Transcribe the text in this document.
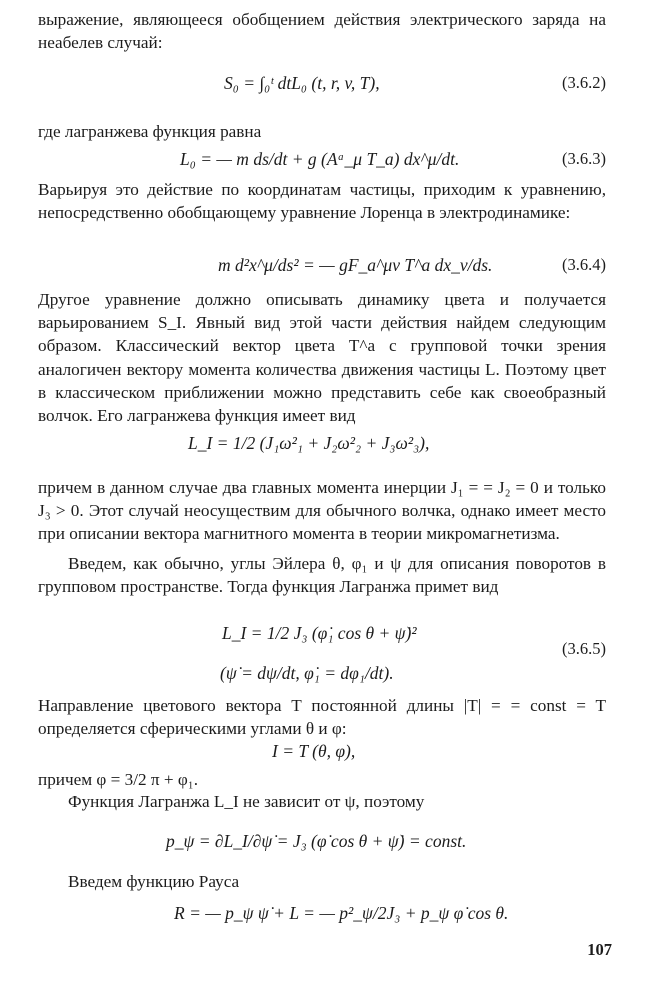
выражение, являющееся обобщением действия электрического заряда на неабелев случай:

S₀ = ∫₀ᵗ dtL₀ (t, r, v, T),	(3.6.2)

где лагранжева функция равна

L₀ = — m ds/dt + g (Aᵃ_μ T_a) dx^μ/dt.	(3.6.3)

Варьируя это действие по координатам частицы, приходим к уравнению, непосредственно обобщающему уравнение Лоренца в электродинамике:

m d²x^μ/ds² = — gF_a^μν T^a dx_ν/ds.	(3.6.4)

Другое уравнение должно описывать динамику цвета и получается варьированием S_I. Явный вид этой части действия найдем следующим образом. Классический вектор цвета T^a с групповой точки зрения аналогичен вектору момента количества движения частицы L. Поэтому цвет в классическом приближении можно представить себе как своеобразный волчок. Его лагранжева функция имеет вид

L_I = 1/2 (J₁ω²₁ + J₂ω²₂ + J₃ω²₃),

причем в данном случае два главных момента инерции J₁ = = J₂ = 0 и только J₃ > 0. Этот случай неосуществим для обычного волчка, однако имеет место при описании вектора магнитного момента в теории микромагнетизма.

Введем, как обычно, углы Эйлера θ, φ₁ и ψ для описания поворотов в групповом пространстве. Тогда функция Лагранжа примет вид

L_I = 1/2 J₃ (φ̇₁ cos θ + ψ̇)²
(3.6.5)
(ψ̇ = dψ/dt, φ̇₁ = dφ₁/dt).

Направление цветового вектора T постоянной длины |T| = = const = T определяется сферическими углами θ и φ:

I = T (θ, φ),

причем φ = 3/2 π + φ₁.

Функция Лагранжа L_I не зависит от ψ, поэтому

p_ψ = ∂L_I/∂ψ̇ = J₃ (φ̇ cos θ + ψ̇) = const.

Введем функцию Рауса

R = — p_ψ ψ̇ + L = — p²_ψ/2J₃ + p_ψ φ̇ cos θ.
107
